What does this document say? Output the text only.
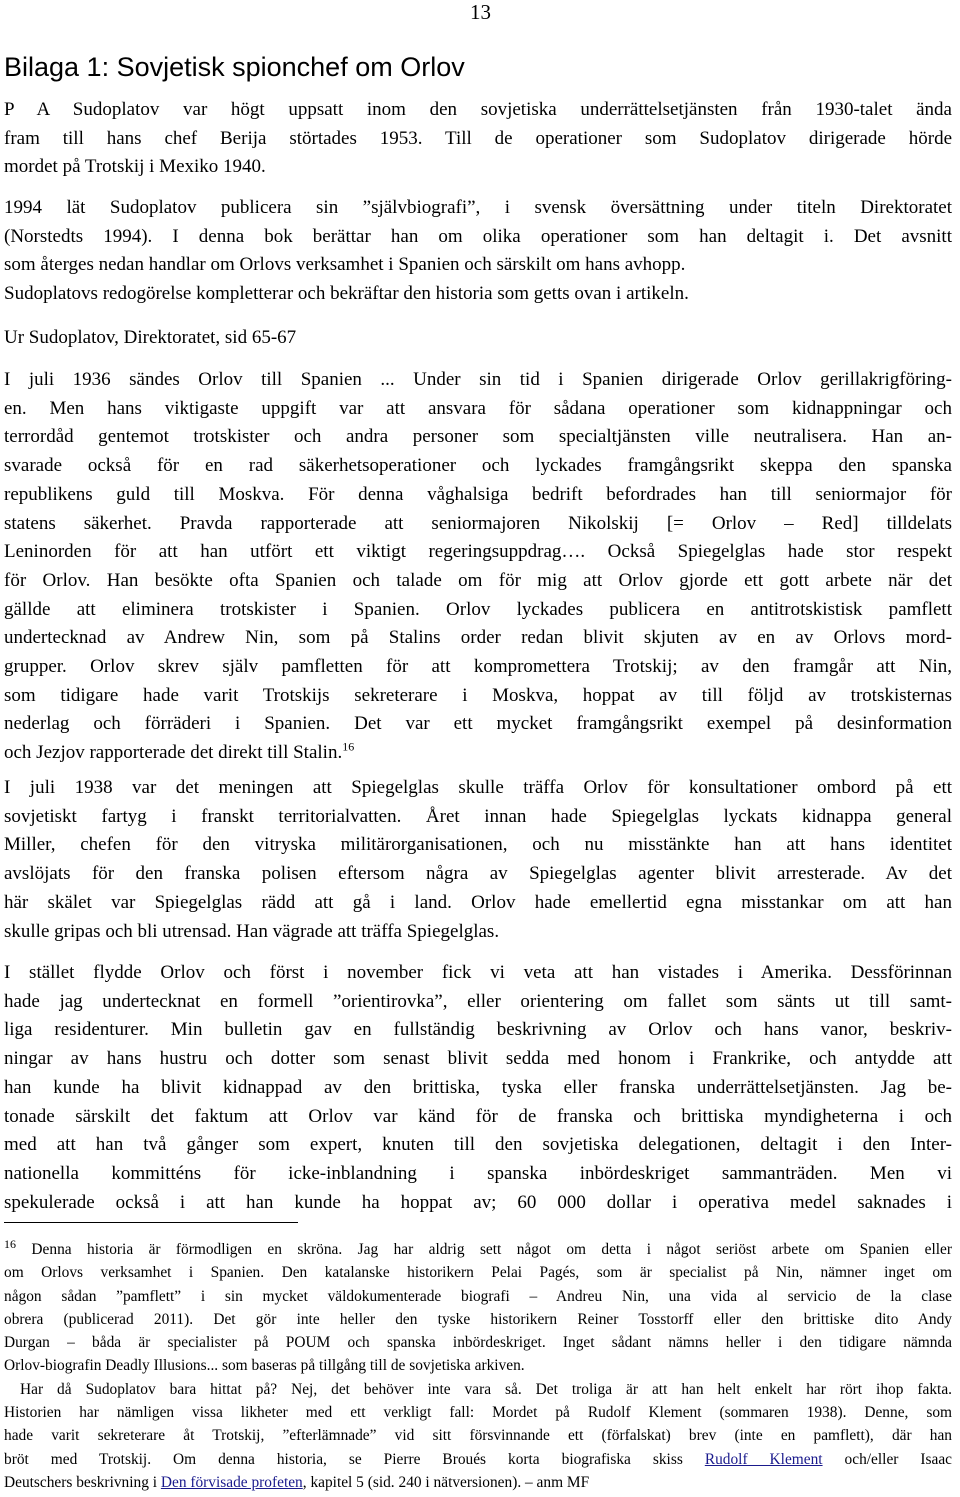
13
Bilaga 1: Sovjetisk spionchef om Orlov

P A Sudoplatov var högt uppsatt inom den sovjetiska underrättelsetjänsten från 1930-talet ända
fram till hans chef Berija störtades 1953. Till de operationer som Sudoplatov dirigerade hörde
mordet på Trotskij i Mexiko 1940.

1994 lät Sudoplatov publicera sin ”självbiografi”, i svensk översättning under titeln Direktoratet
(Norstedts 1994). I denna bok berättar han om olika operationer som han deltagit i. Det avsnitt
som återges nedan handlar om Orlovs verksamhet i Spanien och särskilt om hans avhopp.
Sudoplatovs redogörelse kompletterar och bekräftar den historia som getts ovan i artikeln.

Ur Sudoplatov, Direktoratet, sid 65-67

I juli 1936 sändes Orlov till Spanien ... Under sin tid i Spanien dirigerade Orlov gerillakrigföring-
en. Men hans viktigaste uppgift var att ansvara för sådana operationer som kidnappningar och
terrordåd gentemot trotskister och andra personer som specialtjänsten ville neutralisera. Han an-
svarade också för en rad säkerhetsoperationer och lyckades framgångsrikt skeppa den spanska
republikens guld till Moskva. För denna våghalsiga bedrift befordrades han till seniormajor för
statens säkerhet. Pravda rapporterade att seniormajoren Nikolskij [= Orlov – Red] tilldelats
Leninorden för att han utfört ett viktigt regeringsuppdrag…. Också Spiegelglas hade stor respekt
för Orlov. Han besökte ofta Spanien och talade om för mig att Orlov gjorde ett gott arbete när det
gällde att eliminera trotskister i Spanien. Orlov lyckades publicera en antitrotskistisk pamflett
undertecknad av Andrew Nin, som på Stalins order redan blivit skjuten av en av Orlovs mord-
grupper. Orlov skrev själv pamfletten för att kompromettera Trotskij; av den framgår att Nin,
som tidigare hade varit Trotskijs sekreterare i Moskva, hoppat av till följd av trotskisternas
nederlag och förräderi i Spanien. Det var ett mycket framgångsrikt exempel på desinformation
och Jezjov rapporterade det direkt till Stalin.$^{16}$

I juli 1938 var det meningen att Spiegelglas skulle träffa Orlov för konsultationer ombord på ett
sovjetiskt fartyg i franskt territorialvatten. Året innan hade Spiegelglas lyckats kidnappa general
Miller, chefen för den vitryska militärorganisationen, och nu misstänkte han att hans identitet
avslöjats för den franska polisen eftersom några av Spiegelglas agenter blivit arresterade. Av det
här skälet var Spiegelglas rädd att gå i land. Orlov hade emellertid egna misstankar om att han
skulle gripas och bli utrensad. Han vägrade att träffa Spiegelglas.

I stället flydde Orlov och först i november fick vi veta att han vistades i Amerika. Dessförinnan
hade jag undertecknat en formell ”orientirovka”, eller orientering om fallet som sänts ut till samt-
liga residenturer. Min bulletin gav en fullständig beskrivning av Orlov och hans vanor, beskriv-
ningar av hans hustru och dotter som senast blivit sedda med honom i Frankrike, och antydde att
han kunde ha blivit kidnappad av den brittiska, tyska eller franska underrättelsetjänsten. Jag be-
tonade särskilt det faktum att Orlov var känd för de franska och brittiska myndigheterna i och
med att han två gånger som expert, knuten till den sovjetiska delegationen, deltagit i den Inter-
nationella kommitténs för icke-inblandning i spanska inbördeskriget sammanträden. Men vi
spekulerade också i att han kunde ha hoppat av; 60 000 dollar i operativa medel saknades i

$^{16}$ Denna historia är förmodligen en skröna. Jag har aldrig sett något om detta i något seriöst arbete om Spanien eller
om Orlovs verksamhet i Spanien. Den katalanske historikern Pelai Pagés, som är specialist på Nin, nämner inget om
någon sådan ”pamflett” i sin mycket väldokumenterade biografi – Andreu Nin, una vida al servicio de la clase
obrera (publicerad 2011). Det gör inte heller den tyske historikern Reiner Tosstorff eller den brittiske dito Andy
Durgan – båda är specialister på POUM och spanska inbördeskriget. Inget sådant nämns heller i den tidigare nämnda
Orlov-biografin Deadly Illusions... som baseras på tillgång till de sovjetiska arkiven.
Har då Sudoplatov bara hittat på? Nej, det behöver inte vara så. Det troliga är att han helt enkelt har rört ihop fakta.
Historien har nämligen vissa likheter med ett verkligt fall: Mordet på Rudolf Klement (sommaren 1938). Denne, som
hade varit sekreterare åt Trotskij, ”efterlämnade” vid sitt försvinnande ett (förfalskat) brev (inte en pamflett), där han
bröt med Trotskij. Om denna historia, se Pierre Broués korta biografiska skiss Rudolf Klement och/eller Isaac
Deutschers beskrivning i Den förvisade profeten, kapitel 5 (sid. 240 i nätversionen). – anm MF
